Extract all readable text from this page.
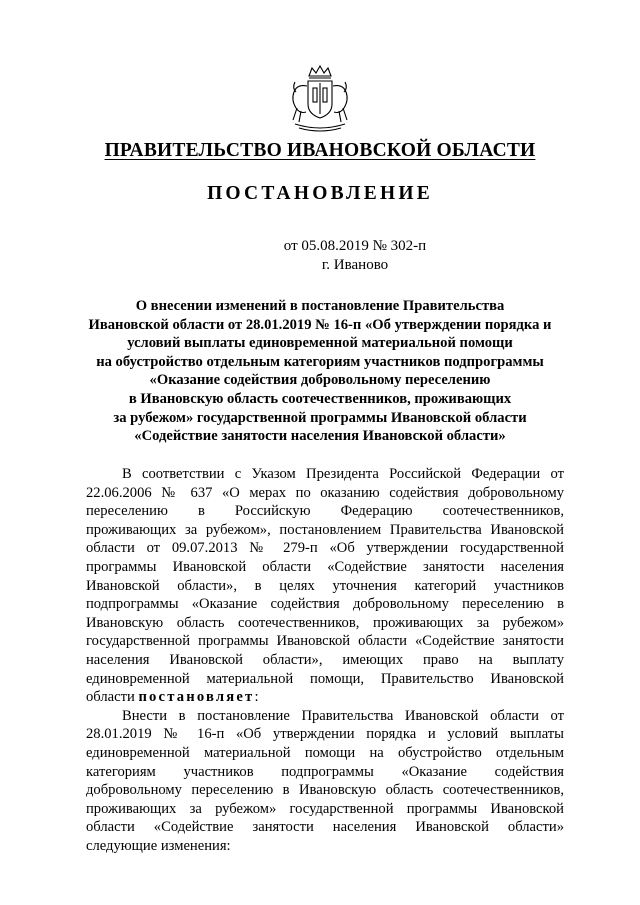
ПРАВИТЕЛЬСТВО ИВАНОВСКОЙ ОБЛАСТИ
ПОСТАНОВЛЕНИЕ
от 05.08.2019 № 302-п
г. Иваново
О внесении изменений в постановление Правительства
Ивановской области от 28.01.2019 № 16-п «Об утверждении порядка и
условий выплаты единовременной материальной помощи
на обустройство отдельным категориям участников подпрограммы
«Оказание содействия добровольному переселению
в Ивановскую область соотечественников, проживающих
за рубежом» государственной программы Ивановской области
«Содействие занятости населения Ивановской области»
В соответствии с Указом Президента Российской Федерации от
22.06.2006 № 637 «О мерах по оказанию содействия добровольному
переселению в Российскую Федерацию соотечественников,
проживающих за рубежом», постановлением Правительства Ивановской
области от 09.07.2013 № 279-п «Об утверждении государственной
программы Ивановской области «Содействие занятости населения
Ивановской области», в целях уточнения категорий участников
подпрограммы «Оказание содействия добровольному переселению в
Ивановскую область соотечественников, проживающих за рубежом»
государственной программы Ивановской области «Содействие занятости
населения Ивановской области», имеющих право на выплату
единовременной материальной помощи, Правительство Ивановской
области постановляет:
Внести в постановление Правительства Ивановской области от
28.01.2019 № 16-п «Об утверждении порядка и условий выплаты
единовременной материальной помощи на обустройство отдельным
категориям участников подпрограммы «Оказание содействия
добровольному переселению в Ивановскую область соотечественников,
проживающих за рубежом» государственной программы Ивановской
области «Содействие занятости населения Ивановской области»
следующие изменения:
